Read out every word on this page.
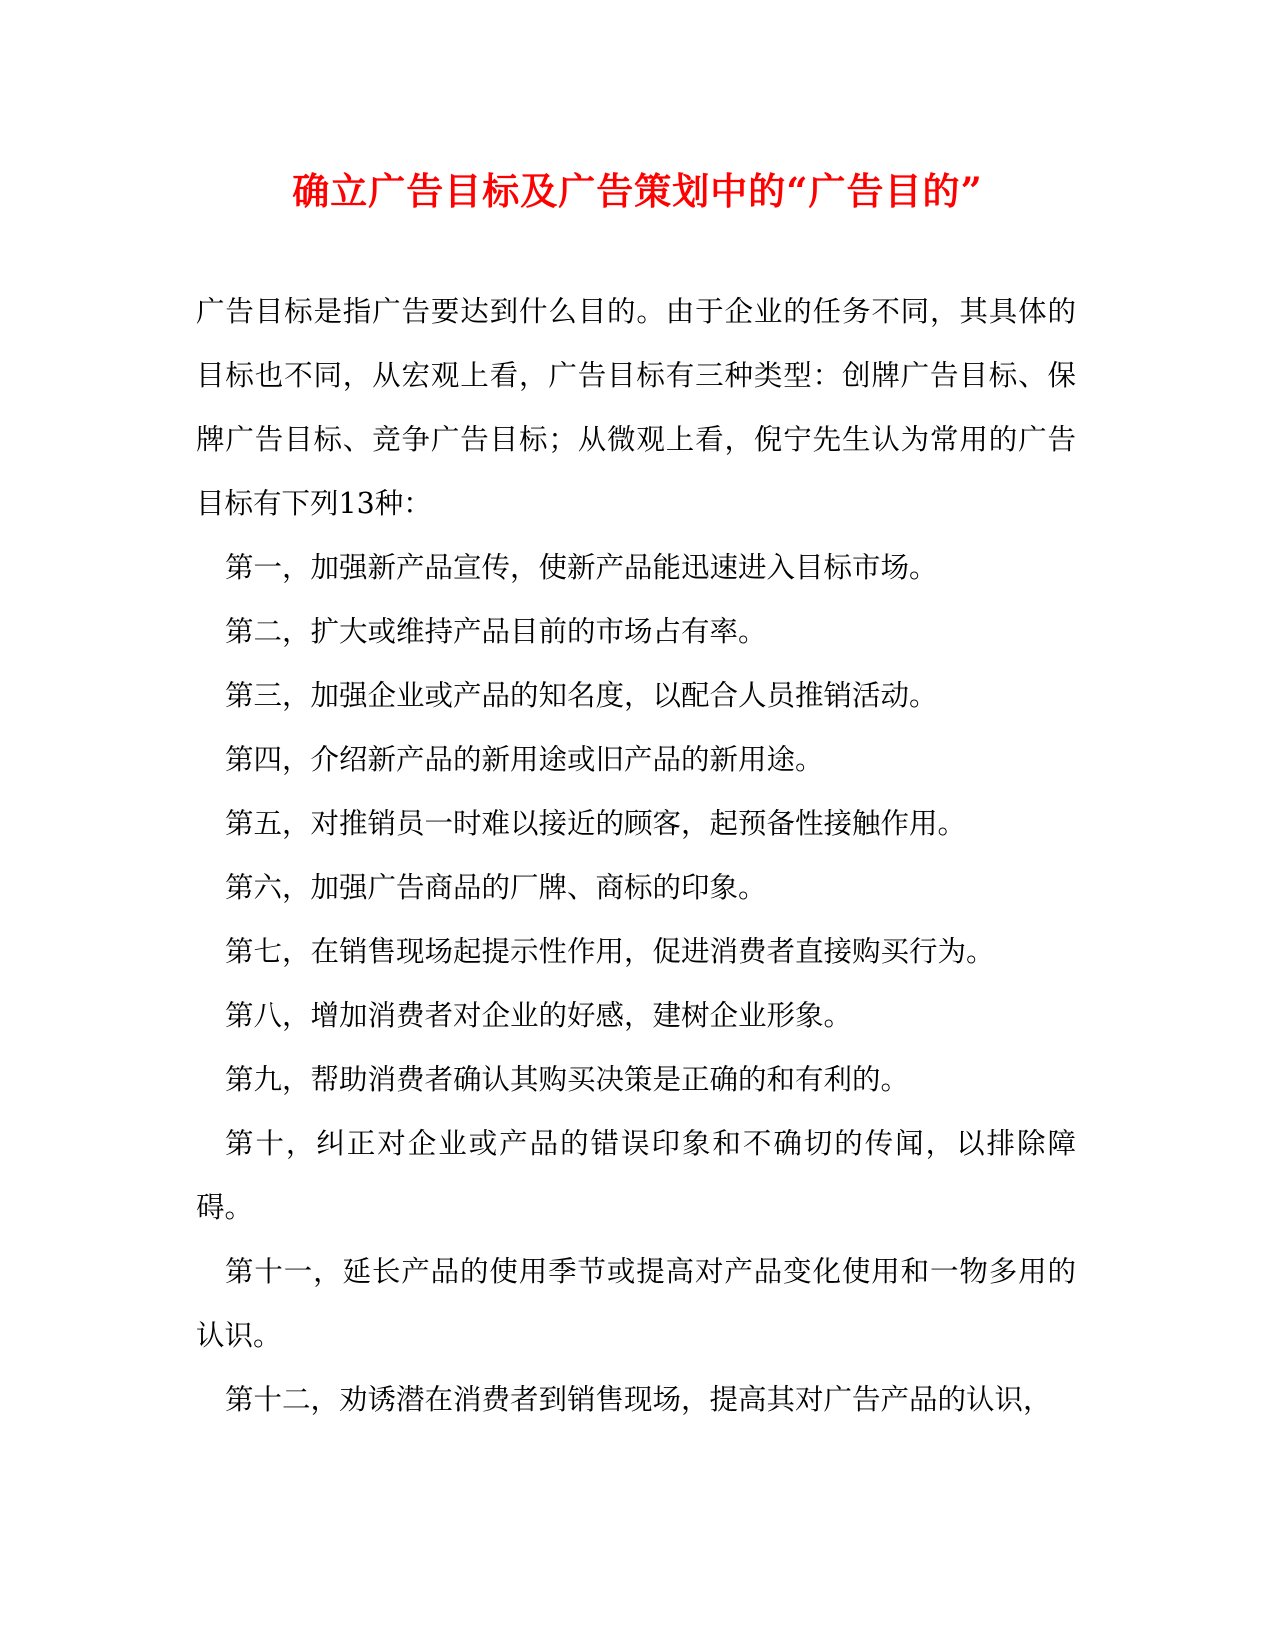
确立广告目标及广告策划中的“广告目的”

广告目标是指广告要达到什么目的。由于企业的任务不同，其具体的目标也不同，从宏观上看，广告目标有三种类型：创牌广告目标、保牌广告目标、竞争广告目标；从微观上看，倪宁先生认为常用的广告目标有下列13种：

第一，加强新产品宣传，使新产品能迅速进入目标市场。

第二，扩大或维持产品目前的市场占有率。

第三，加强企业或产品的知名度，以配合人员推销活动。

第四，介绍新产品的新用途或旧产品的新用途。

第五，对推销员一时难以接近的顾客，起预备性接触作用。

第六，加强广告商品的厂牌、商标的印象。

第七，在销售现场起提示性作用，促进消费者直接购买行为。

第八，增加消费者对企业的好感，建树企业形象。

第九，帮助消费者确认其购买决策是正确的和有利的。

第十，纠正对企业或产品的错误印象和不确切的传闻，以排除障碍。

第十一，延长产品的使用季节或提高对产品变化使用和一物多用的认识。

第十二，劝诱潜在消费者到销售现场，提高其对广告产品的认识，
